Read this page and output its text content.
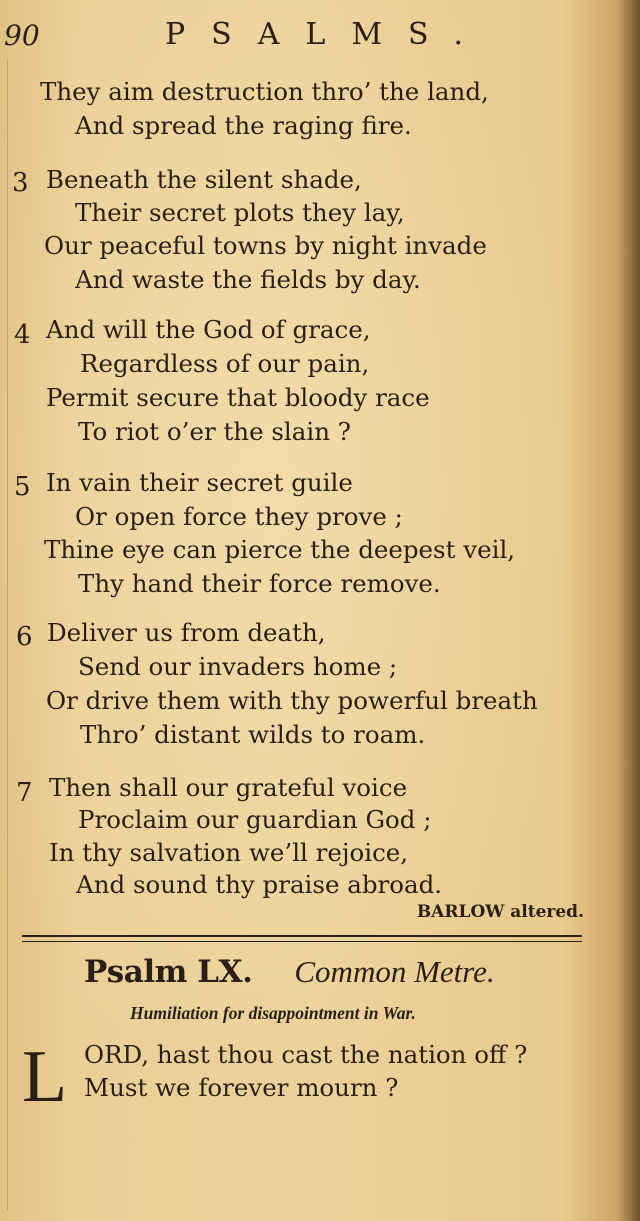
90	PSALMS.
They aim destruction thro’ the land,
And spread the raging fire.
3 Beneath the silent shade,
Their secret plots they lay,
Our peaceful towns by night invade
And waste the fields by day.
4 And will the God of grace,
Regardless of our pain,
Permit secure that bloody race
To riot o’er the slain ?
5 In vain their secret guile
Or open force they prove ;
Thine eye can pierce the deepest veil,
Thy hand their force remove.
6 Deliver us from death,
Send our invaders home ;
Or drive them with thy powerful breath
Thro’ distant wilds to roam.
7 Then shall our grateful voice
Proclaim our guardian God ;
In thy salvation we’ll rejoice,
And sound thy praise abroad.
BARLOW altered.
Psalm LX. Common Metre.
Humiliation for disappointment in War.
L ORD, hast thou cast the nation off ?
Must we forever mourn ?
